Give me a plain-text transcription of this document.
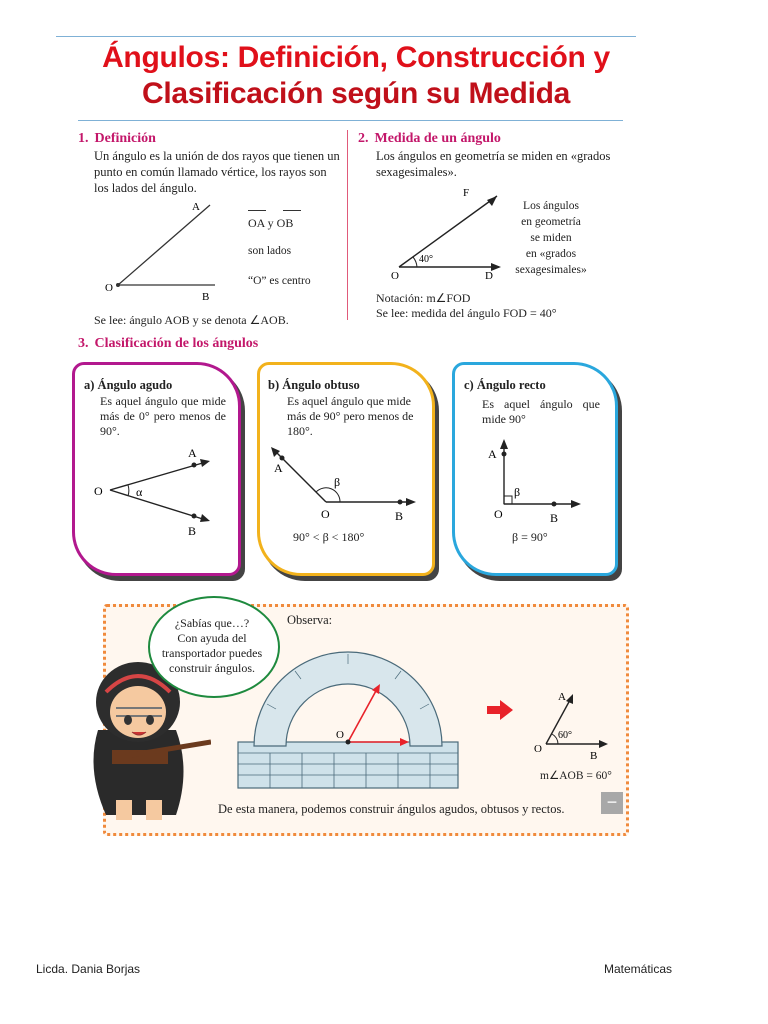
Ángulos: Definición, Construcción y
Clasificación según su Medida
1. Definición
Un ángulo es la unión de dos rayos que tienen un punto en común llamado vértice, los rayos son los lados del ángulo.
A
O
B
OA y OB
son lados
“O” es centro
Se lee: ángulo AOB y se denota ∠AOB.
2. Medida de un ángulo
Los ángulos en geometría se miden en «grados sexagesimales».
O
F
D
40°
Los ángulos
en geometría
se miden
en «grados
sexagesimales»
Notación: m∠FOD
Se lee: medida del ángulo FOD = 40°
3. Clasificación de los ángulos
a) Ángulo agudo
Es aquel ángulo que mide más de 0° pero menos de 90°.
O
A
B
α
b) Ángulo obtuso
Es aquel ángulo que mide más de 90° pero menos de 180°.
A
O	B
β
90° < β < 180°
c) Ángulo recto
Es aquel ángulo que mide 90°
A
O	B
β
β = 90°
¿Sabías que…?
Con ayuda del
transportador puedes
construir ángulos.
Observa:
O
A
O
B
60°
m∠AOB = 60°
De esta manera, podemos construir ángulos agudos, obtusos y rectos.	−
Licda. Dania Borjas	Matemáticas
